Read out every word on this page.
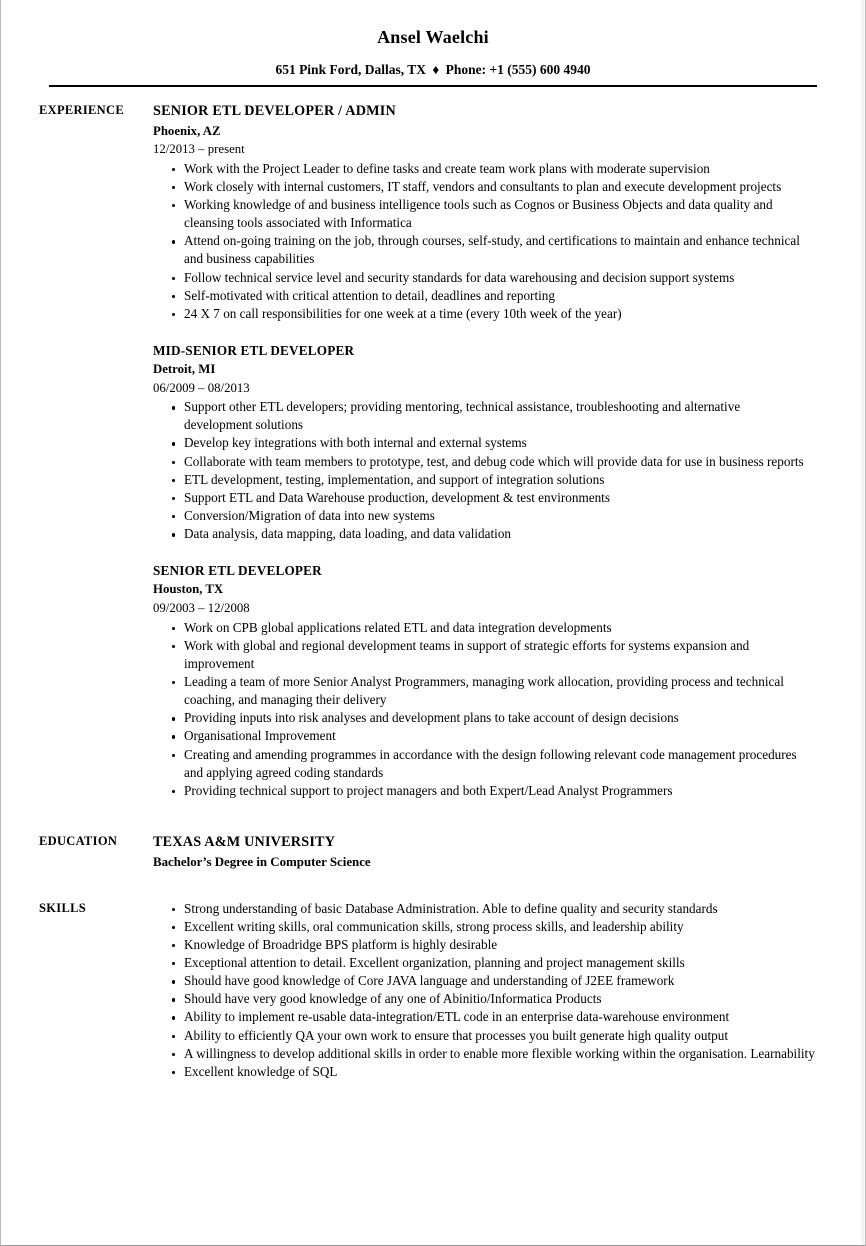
Ansel Waelchi
651 Pink Ford, Dallas, TX ♦ Phone: +1 (555) 600 4940
EXPERIENCE	SENIOR ETL DEVELOPER / ADMIN
Phoenix, AZ
12/2013 – present
Work with the Project Leader to define tasks and create team work plans with moderate supervision
Work closely with internal customers, IT staff, vendors and consultants to plan and execute development projects
Working knowledge of and business intelligence tools such as Cognos or Business Objects and data quality and cleansing tools associated with Informatica
Attend on-going training on the job, through courses, self-study, and certifications to maintain and enhance technical and business capabilities
Follow technical service level and security standards for data warehousing and decision support systems
Self-motivated with critical attention to detail, deadlines and reporting
24 X 7 on call responsibilities for one week at a time (every 10th week of the year)
MID-SENIOR ETL DEVELOPER
Detroit, MI
06/2009 – 08/2013
Support other ETL developers; providing mentoring, technical assistance, troubleshooting and alternative development solutions
Develop key integrations with both internal and external systems
Collaborate with team members to prototype, test, and debug code which will provide data for use in business reports
ETL development, testing, implementation, and support of integration solutions
Support ETL and Data Warehouse production, development & test environments
Conversion/Migration of data into new systems
Data analysis, data mapping, data loading, and data validation
SENIOR ETL DEVELOPER
Houston, TX
09/2003 – 12/2008
Work on CPB global applications related ETL and data integration developments
Work with global and regional development teams in support of strategic efforts for systems expansion and improvement
Leading a team of more Senior Analyst Programmers, managing work allocation, providing process and technical coaching, and managing their delivery
Providing inputs into risk analyses and development plans to take account of design decisions
Organisational Improvement
Creating and amending programmes in accordance with the design following relevant code management procedures and applying agreed coding standards
Providing technical support to project managers and both Expert/Lead Analyst Programmers
EDUCATION	TEXAS A&M UNIVERSITY
Bachelor’s Degree in Computer Science
SKILLS	Strong understanding of basic Database Administration. Able to define quality and security standards
Excellent writing skills, oral communication skills, strong process skills, and leadership ability
Knowledge of Broadridge BPS platform is highly desirable
Exceptional attention to detail. Excellent organization, planning and project management skills
Should have good knowledge of Core JAVA language and understanding of J2EE framework
Should have very good knowledge of any one of Abinitio/Informatica Products
Ability to implement re-usable data-integration/ETL code in an enterprise data-warehouse environment
Ability to efficiently QA your own work to ensure that processes you built generate high quality output
A willingness to develop additional skills in order to enable more flexible working within the organisation. Learnability
Excellent knowledge of SQL
